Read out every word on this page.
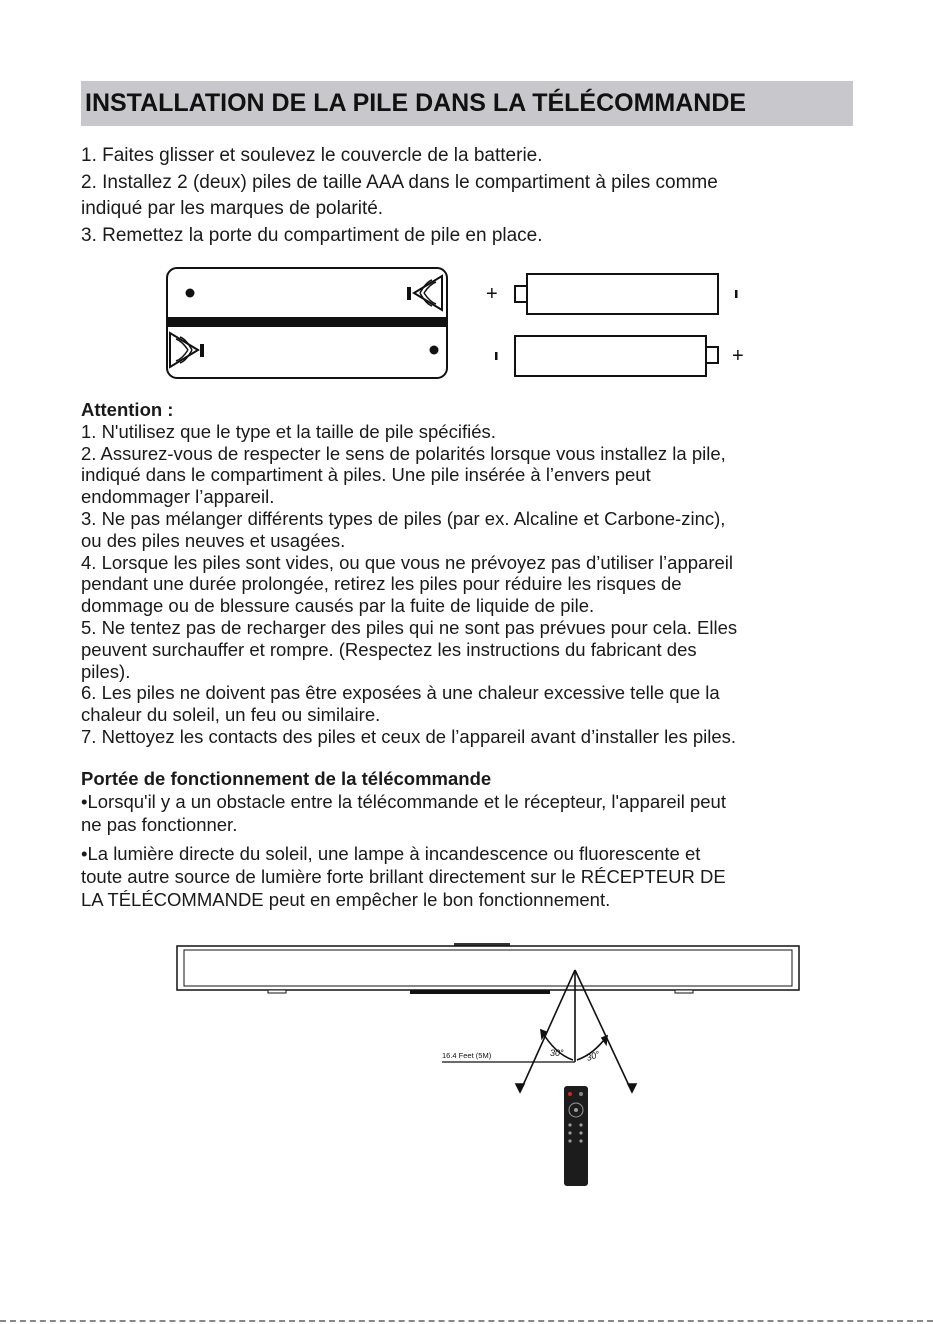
INSTALLATION DE LA PILE DANS LA TÉLÉCOMMANDE

1. Faites glisser et soulevez le couvercle de la batterie.

2. Installez 2 (deux) piles de taille AAA dans le compartiment à piles comme

indiqué par les marques de polarité.

3. Remettez la porte du compartiment de pile en place.

+
+

Attention :

1. N'utilisez que le type et la taille de pile spécifiés.

2. Assurez-vous de respecter le sens de polarités lorsque vous installez la pile,

indiqué dans le compartiment à piles. Une pile insérée à l’envers peut

endommager l’appareil.

3. Ne pas mélanger différents types de piles (par ex. Alcaline et Carbone-zinc),

ou des piles neuves et usagées.

4. Lorsque les piles sont vides, ou que vous ne prévoyez pas d’utiliser l’appareil

pendant une durée prolongée, retirez les piles pour réduire les risques de

dommage ou de blessure causés par la fuite de liquide de pile.

5. Ne tentez pas de recharger des piles qui ne sont pas prévues pour cela. Elles

peuvent surchauffer et rompre. (Respectez les instructions du fabricant des

piles).

6. Les piles ne doivent pas être exposées à une chaleur excessive telle que la

chaleur du soleil, un feu ou similaire.

7. Nettoyez les contacts des piles et ceux de l’appareil avant d’installer les piles.

Portée de fonctionnement de la télécommande

•Lorsqu'il y a un obstacle entre la télécommande et le récepteur, l'appareil peut

ne pas fonctionner.

•La lumière directe du soleil, une lampe à incandescence ou fluorescente et

toute autre source de lumière forte brillant directement sur le RÉCEPTEUR DE

LA TÉLÉCOMMANDE peut en empêcher le bon fonctionnement.

16.4 Feet (5M)	30° 30°
